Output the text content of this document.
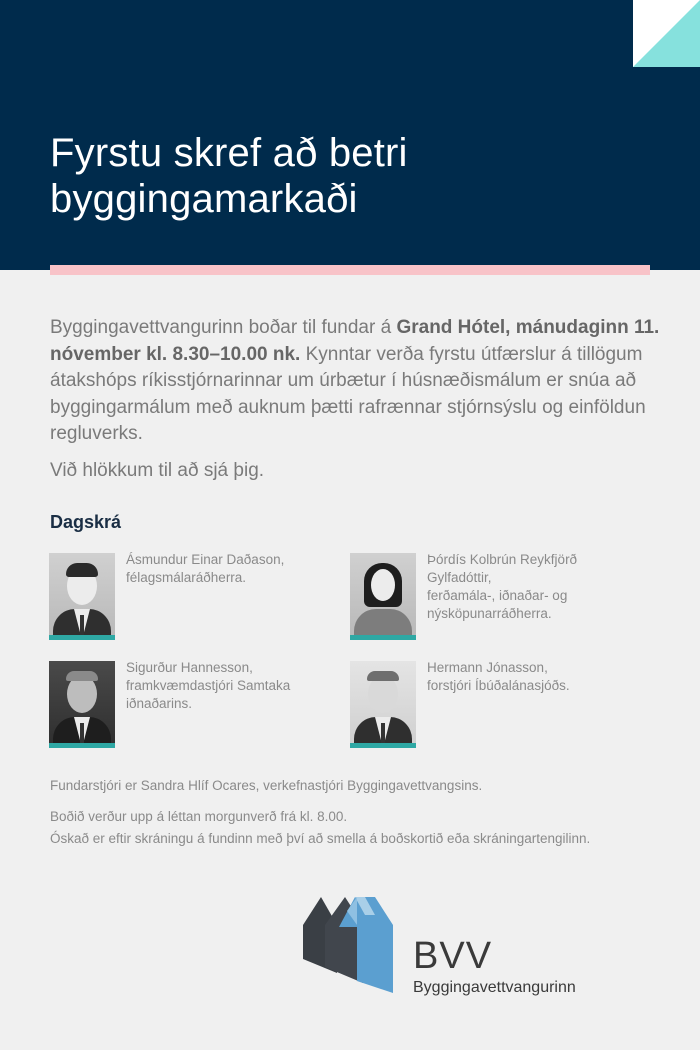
Fyrstu skref að betri
byggingamarkaði

Byggingavettvangurinn boðar til fundar á Grand Hótel, mánudaginn 11. nóvember kl. 8.30–10.00 nk. Kynntar verða fyrstu útfærslur á tillögum átakshóps ríkisstjórnarinnar um úrbætur í húsnæðismálum er snúa að byggingarmálum með auknum þætti rafrænnar stjórnsýslu og einföldun regluverks.

Við hlökkum til að sjá þig.

Dagskrá

Ásmundur Einar Daðason,
félagsmálaráðherra.

Þórdís Kolbrún Reykfjörð Gylfadóttir,
ferðamála-, iðnaðar- og nýsköpunarráðherra.

Sigurður Hannesson,
framkvæmdastjóri Samtaka iðnaðarins.

Hermann Jónasson,
forstjóri Íbúðalánasjóðs.

Fundarstjóri er Sandra Hlíf Ocares, verkefnastjóri Byggingavettvangsins.

Boðið verður upp á léttan morgunverð frá kl. 8.00.

Óskað er eftir skráningu á fundinn með því að smella á boðskortið eða skráningartengilinn.

BVV

Byggingavettvangurinn
